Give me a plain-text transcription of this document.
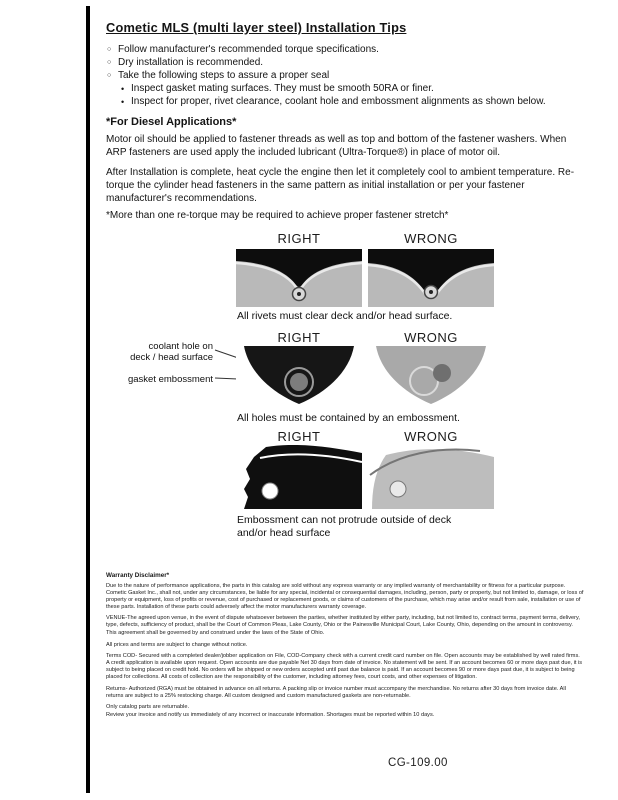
Cometic MLS (multi layer steel) Installation Tips
○ Follow manufacturer's recommended torque specifications.
○ Dry installation is recommended.
○ Take the following steps to assure a proper seal
• Inspect gasket mating surfaces. They must be smooth 50RA or finer.
• Inspect for proper, rivet clearance, coolant hole and embossment alignments as shown below.
*For Diesel Applications*
Motor oil should be applied to fastener threads as well as top and bottom of the fastener washers. When ARP fasteners are used apply the included lubricant (Ultra-Torque®) in place of motor oil.
After Installation is complete, heat cycle the engine then let it completely cool to ambient temperature. Re-torque the cylinder head fasteners in the same pattern as initial installation or per your fastener manufacturer's recommendations.
*More than one re-torque may be required to achieve proper fastener stretch*
RIGHT	WRONG
All rivets must clear deck and/or head surface.
RIGHT	WRONG
coolant hole on
deck / head surface
gasket embossment
All holes must be contained by an embossment.
RIGHT	WRONG
Embossment can not protrude outside of deck and/or head surface
Warranty Disclaimer*

Due to the nature of performance applications, the parts in this catalog are sold without any express warranty or any implied warranty of merchantability or fitness for a particular purpose. Cometic Gasket Inc., shall not, under any circumstances, be liable for any special, incidental or consequential damages, including, person, party or property, but not limited to, damage, or loss of property or equipment, loss of profits or revenue, cost of purchased or replacement goods, or claims of customers of the purchase, which may arise and/or result from sale, installation or use of these parts. Installation of these parts could adversely affect the motor manufacturers warranty coverage.

VENUE-The agreed upon venue, in the event of dispute whatsoever between the parties, whether instituted by either party, including, but not limited to, contract terms, payment terms, delivery, type, defects, sufficiency of product, shall be the Court of Common Pleas, Lake County, Ohio or the Painesville Municipal Court, Lake County, Ohio, depending on the amount in controversy.

This agreement shall be governed by and construed under the laws of the State of Ohio.

All prices and terms are subject to change without notice.

Terms COD- Secured with a completed dealer/jobber application on File, COD-Company check with a current credit card number on file. Open accounts may be established by well rated firms. A credit application is available upon request. Open accounts are due payable Net 30 days from date of invoice. No statement will be sent. If an account becomes 60 or more days past due, it is subject to being placed on credit hold. No orders will be shipped or new orders accepted until past due balance is paid. If an account becomes 90 or more days past due, it is subject to being placed for collections. All costs of collection are the responsibility of the customer, including attorney fees, court costs, and other expenses of litigation.

Returns- Authorized (RGA) must be obtained in advance on all returns. A packing slip or invoice number must accompany the merchandise. No returns after 30 days from invoice date. All returns are subject to a 25% restocking charge. All custom designed and custom manufactured gaskets are non-returnable.

Only catalog parts are returnable.

Review your invoice and notify us immediately of any incorrect or inaccurate information. Shortages must be reported within 10 days.

CG-109.00
